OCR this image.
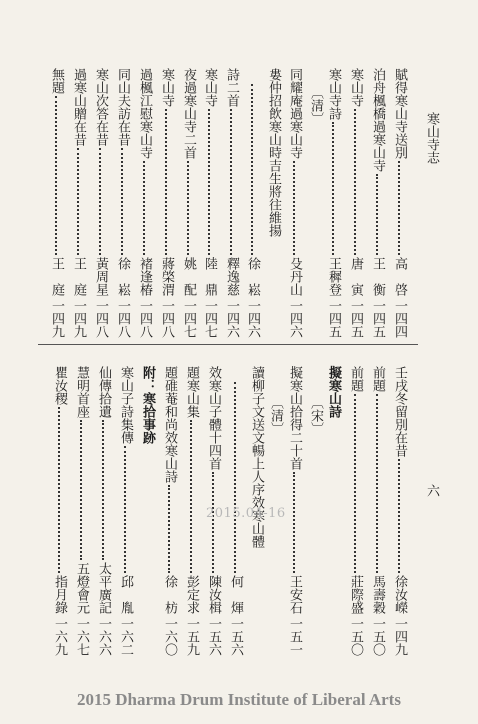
寒山寺志
六
賦得寒山寺送別
高　啓
一四四
泊舟楓橋過寒山寺
王　衡
一四五
寒山寺
唐　寅
一四五
寒山寺詩
王穉登
一四五
〔清〕
同耀庵過寒山寺
殳丹山
一四六
婁仲招飲寒山時吉生將往維揚
徐　崧
一四六
詩二首
釋逸慈
一四六
寒山寺
陸　鼎
一四七
夜過寒山寺二首
姚　配
一四七
寒山寺
蔣棨渭
一四八
過楓江慰寒山寺
褚逢椿
一四八
同山夫訪在昔
徐　崧
一四八
寒山次答在昔
黃周星
一四八
過寒山贈在昔
王　庭
一四九
無題
王　庭
一四九
壬戌冬留別在昔
徐汝嶸
一四九
前題
馬壽穀
一五〇
前題
莊際盛
一五〇
擬寒山詩
〔宋〕
擬寒山拾得二十首
王安石
一五一
〔清〕
讀柳子文送文暢上人序效寒山體
何　煇
一五六
效寒山子體十四首
陳汝楫
一五六
題寒山集
彭定求
一五九
題碓菴和尚效寒山詩
徐　枋
一六〇
附：寒拾事跡
寒山子詩集傳
邱　胤
一六二
仙傳拾遺
太平廣記
一六六
慧明首座
五燈會元
一六七
瞿汝稷
指月錄
一六九
2015.04-16
2015 Dharma Drum Institute of Liberal Arts
